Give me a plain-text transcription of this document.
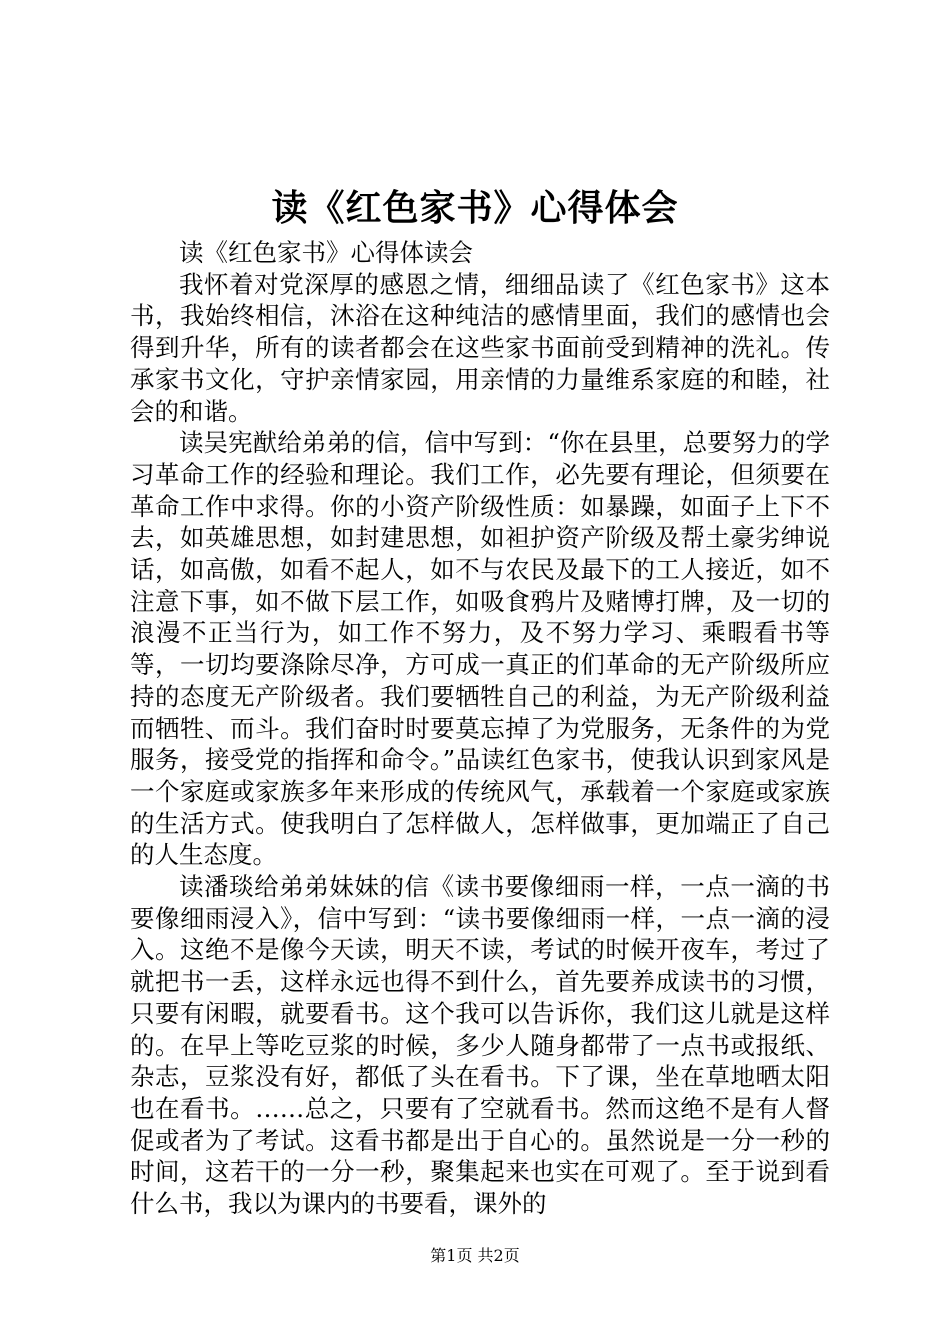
读《红色家书》心得体会

读《红色家书》心得体读会

我怀着对党深厚的感恩之情，细细品读了《红色家书》这本书，我始终相信，沐浴在这种纯洁的感情里面，我们的感情也会得到升华，所有的读者都会在这些家书面前受到精神的洗礼。传承家书文化，守护亲情家园，用亲情的力量维系家庭的和睦，社会的和谐。

读吴宪猷给弟弟的信，信中写到：“你在县里，总要努力的学习革命工作的经验和理论。我们工作，必先要有理论，但须要在革命工作中求得。你的小资产阶级性质：如暴躁，如面子上下不去，如英雄思想，如封建思想，如袒护资产阶级及帮土豪劣绅说话，如高傲，如看不起人，如不与农民及最下的工人接近，如不注意下事，如不做下层工作，如吸食鸦片及赌博打牌，及一切的浪漫不正当行为，如工作不努力，及不努力学习、乘暇看书等等，一切均要涤除尽净，方可成一真正的们革命的无产阶级所应持的态度无产阶级者。我们要牺牲自己的利益，为无产阶级利益而牺牲、而斗。我们奋时时要莫忘掉了为党服务，无条件的为党服务，接受党的指挥和命令。”品读红色家书，使我认识到家风是一个家庭或家族多年来形成的传统风气，承载着一个家庭或家族的生活方式。使我明白了怎样做人，怎样做事，更加端正了自己的人生态度。

读潘琰给弟弟妹妹的信《读书要像细雨一样，一点一滴的书要像细雨浸入》，信中写到：“读书要像细雨一样，一点一滴的浸入。这绝不是像今天读，明天不读，考试的时候开夜车，考过了就把书一丢，这样永远也得不到什么，首先要养成读书的习惯，只要有闲暇，就要看书。这个我可以告诉你，我们这儿就是这样的。在早上等吃豆浆的时候，多少人随身都带了一点书或报纸、杂志，豆浆没有好，都低了头在看书。下了课，坐在草地晒太阳也在看书。……总之，只要有了空就看书。然而这绝不是有人督促或者为了考试。这看书都是出于自心的。虽然说是一分一秒的时间，这若干的一分一秒，聚集起来也实在可观了。至于说到看什么书，我以为课内的书要看，课外的

第1页 共2页
